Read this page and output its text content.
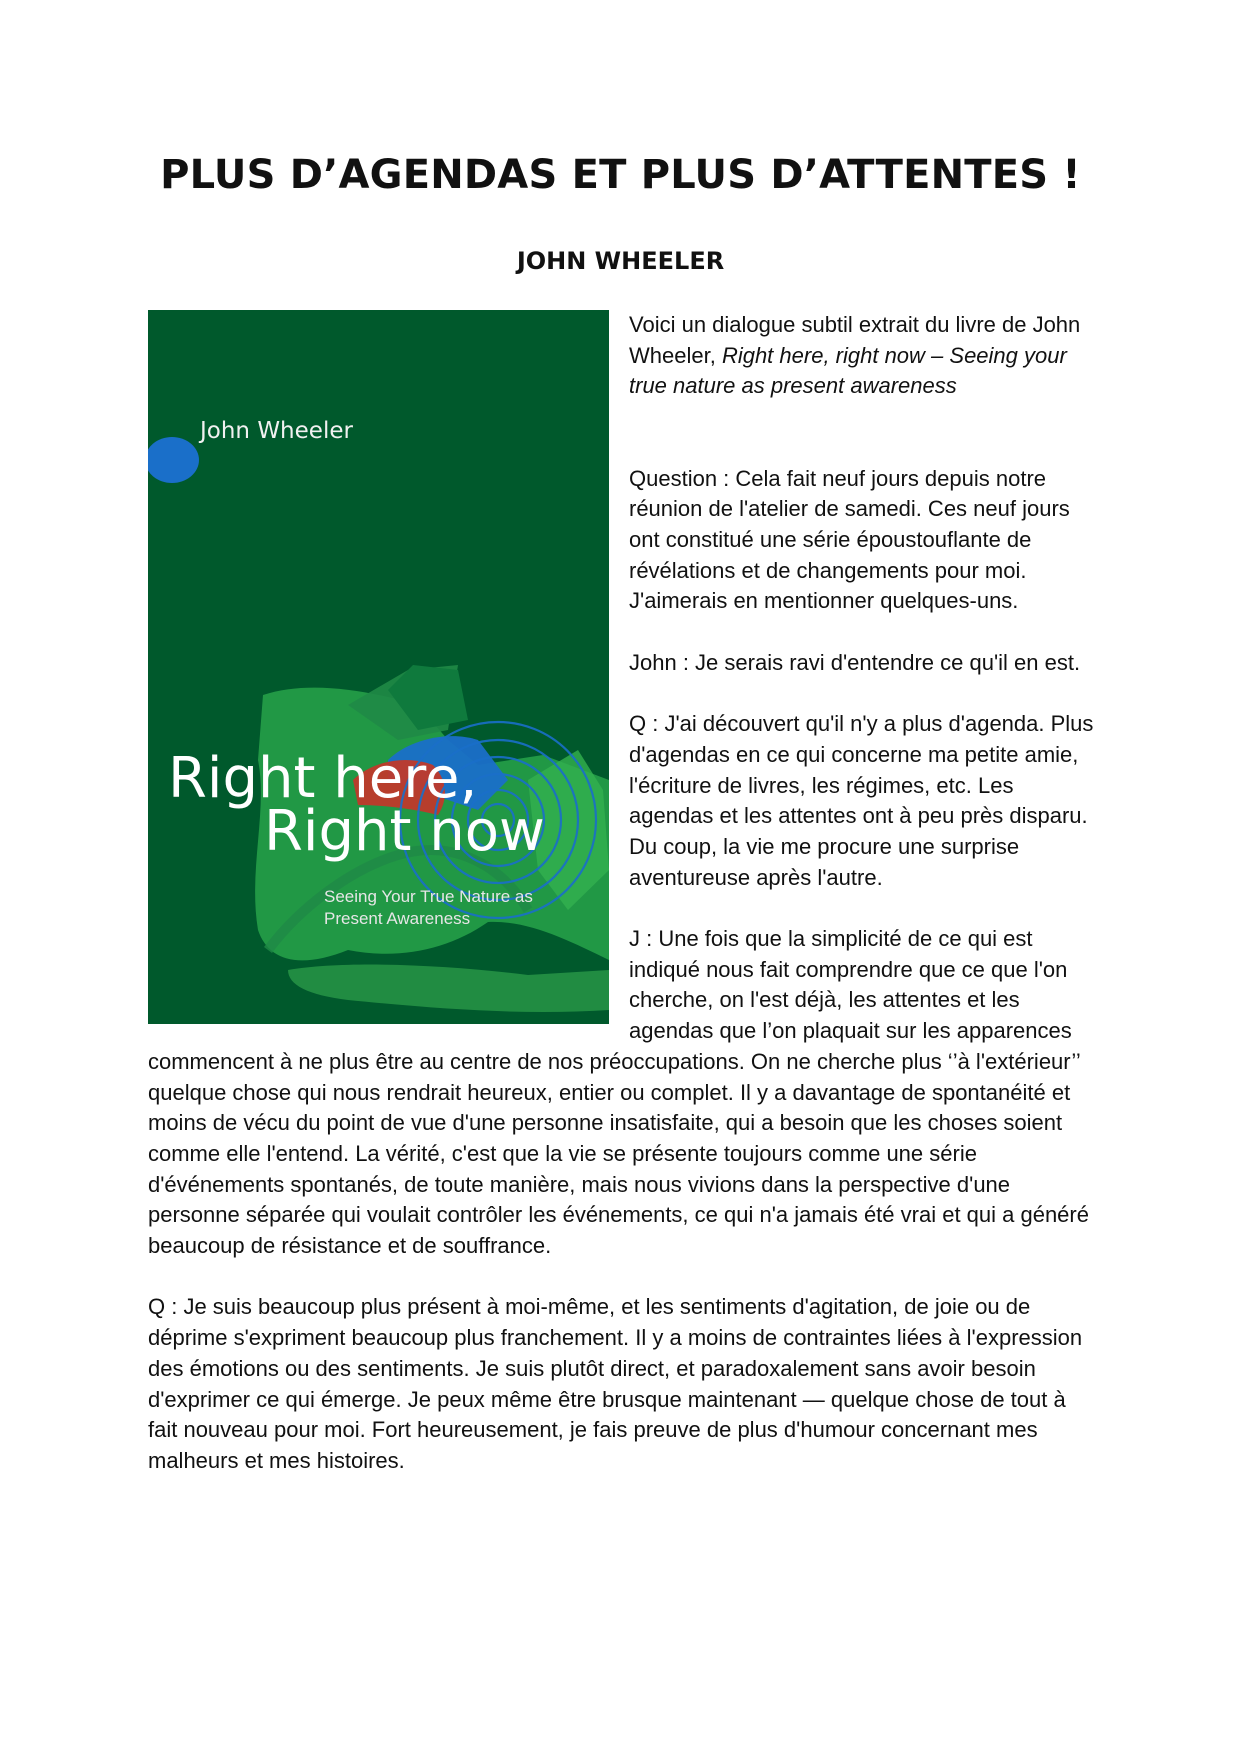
PLUS D’AGENDAS ET PLUS D’ATTENTES !
JOHN WHEELER
John Wheeler
Right here,
Right now
Seeing Your True Nature as
Present Awareness

Voici un dialogue subtil extrait du livre de John Wheeler, Right here, right now – Seeing your true nature as present awareness

Question : Cela fait neuf jours depuis notre réunion de l'atelier de samedi. Ces neuf jours ont constitué une série époustouflante de révélations et de changements pour moi. J'aimerais en mentionner quelques-uns.

John : Je serais ravi d'entendre ce qu'il en est.

Q : J'ai découvert qu'il n'y a plus d'agenda. Plus d'agendas en ce qui concerne ma petite amie, l'écriture de livres, les régimes, etc. Les agendas et les attentes ont à peu près disparu. Du coup, la vie me procure une surprise aventureuse après l'autre.

J : Une fois que la simplicité de ce qui est indiqué nous fait comprendre que ce que l'on cherche, on l'est déjà, les attentes et les agendas que l’on plaquait sur les apparences commencent à ne plus être au centre de nos préoccupations. On ne cherche plus ‘’à l'extérieur’’ quelque chose qui nous rendrait heureux, entier ou complet. Il y a davantage de spontanéité et moins de vécu du point de vue d'une personne insatisfaite, qui a besoin que les choses soient comme elle l'entend. La vérité, c'est que la vie se présente toujours comme une série d'événements spontanés, de toute manière, mais nous vivions dans la perspective d'une personne séparée qui voulait contrôler les événements, ce qui n'a jamais été vrai et qui a généré beaucoup de résistance et de souffrance.

Q : Je suis beaucoup plus présent à moi-même, et les sentiments d'agitation, de joie ou de déprime s'expriment beaucoup plus franchement. Il y a moins de contraintes liées à l'expression des émotions ou des sentiments. Je suis plutôt direct, et paradoxalement sans avoir besoin d'exprimer ce qui émerge. Je peux même être brusque maintenant — quelque chose de tout à fait nouveau pour moi. Fort heureusement, je fais preuve de plus d'humour concernant mes malheurs et mes histoires.
